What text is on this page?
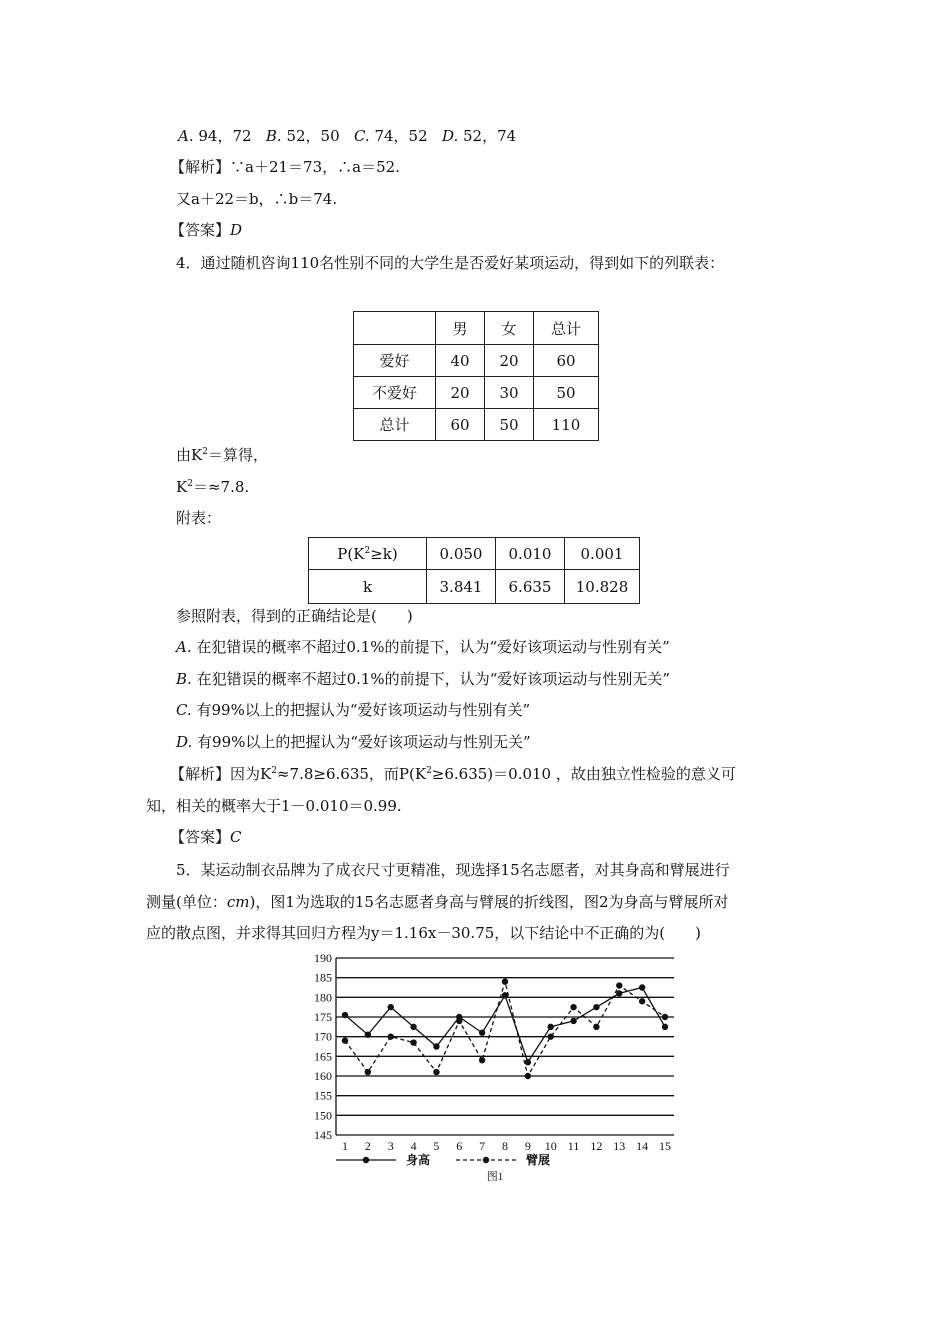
A. 94，72 B. 52，50 C. 74，52 D. 52，74
【解析】∵a＋21＝73，∴a＝52.
又a＋22＝b，∴b＝74.
【答案】D
4．通过随机咨询110名性别不同的大学生是否爱好某项运动，得到如下的列联表：
	男	女	总计
爱好	40	20	60
不爱好	20	30	50
总计	60	50	110
由$K^2=$算得，
$K^2=\approx 7.8$.
附表：
$P(K^2\ge k)$	0.050	0.010	0.001
k	3.841	6.635	10.828
参照附表，得到的正确结论是(　　)
A. 在犯错误的概率不超过0.1%的前提下，认为“爱好该项运动与性别有关”
B. 在犯错误的概率不超过0.1%的前提下，认为“爱好该项运动与性别无关”
C. 有99%以上的把握认为“爱好该项运动与性别有关”
D. 有99%以上的把握认为“爱好该项运动与性别无关”
【解析】因为$K^2\approx 7.8\ge 6.635$，而$P(K^2\ge 6.635)=0.010$ ，故由独立性检验的意义可
知，相关的概率大于1－0.010＝0.99.
【答案】C
5．某运动制衣品牌为了成衣尺寸更精准，现选择15名志愿者，对其身高和臂展进行
测量(单位：cm)，图1为选取的15名志愿者身高与臂展的折线图，图2为身高与臂展所对
应的散点图，并求得其回归方程为y＝1.16x－30.75，以下结论中不正确的为(　　)
145
150
155
160
165
170
175
180
185
190
1 2 3 4 5 6 7 8 9 10 11 12 13 14 15
身高	臂展
图1
